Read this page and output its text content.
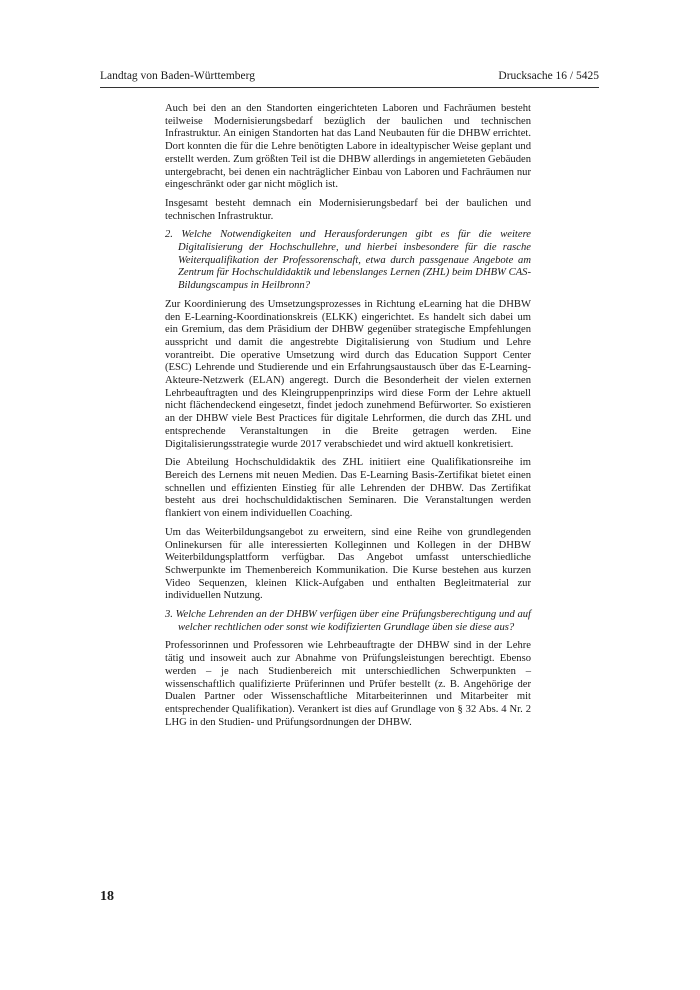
Landtag von Baden-Württemberg	Drucksache 16 / 5425

Auch bei den an den Standorten eingerichteten Laboren und Fachräumen besteht teilweise Modernisierungsbedarf bezüglich der baulichen und technischen Infrastruktur. An einigen Standorten hat das Land Neubauten für die DHBW errichtet. Dort konnten die für die Lehre benötigten Labore in idealtypischer Weise geplant und erstellt werden. Zum größten Teil ist die DHBW allerdings in angemieteten Gebäuden untergebracht, bei denen ein nachträglicher Einbau von Laboren und Fachräumen nur eingeschränkt oder gar nicht möglich ist.

Insgesamt besteht demnach ein Modernisierungsbedarf bei der baulichen und technischen Infrastruktur.

2. Welche Notwendigkeiten und Herausforderungen gibt es für die weitere Digitalisierung der Hochschullehre, und hierbei insbesondere für die rasche Weiterqualifikation der Professorenschaft, etwa durch passgenaue Angebote am Zentrum für Hochschuldidaktik und lebenslanges Lernen (ZHL) beim DHBW CAS-Bildungscampus in Heilbronn?

Zur Koordinierung des Umsetzungsprozesses in Richtung eLearning hat die DHBW den E-Learning-Koordinationskreis (ELKK) eingerichtet. Es handelt sich dabei um ein Gremium, das dem Präsidium der DHBW gegenüber strategische Empfehlungen ausspricht und damit die angestrebte Digitalisierung von Studium und Lehre vorantreibt. Die operative Umsetzung wird durch das Education Support Center (ESC) Lehrende und Studierende und ein Erfahrungsaustausch über das E-Learning-Akteure-Netzwerk (ELAN) angeregt. Durch die Besonderheit der vielen externen Lehrbeauftragten und des Kleingruppenprinzips wird diese Form der Lehre aktuell nicht flächendeckend eingesetzt, findet jedoch zunehmend Befürworter. So existieren an der DHBW viele Best Practices für digitale Lehrformen, die durch das ZHL und entsprechende Veranstaltungen in die Breite getragen werden. Eine Digitalisierungsstrategie wurde 2017 verabschiedet und wird aktuell konkretisiert.

Die Abteilung Hochschuldidaktik des ZHL initiiert eine Qualifikationsreihe im Bereich des Lernens mit neuen Medien. Das E-Learning Basis-Zertifikat bietet einen schnellen und effizienten Einstieg für alle Lehrenden der DHBW. Das Zertifikat besteht aus drei hochschuldidaktischen Seminaren. Die Veranstaltungen werden flankiert von einem individuellen Coaching.

Um das Weiterbildungsangebot zu erweitern, sind eine Reihe von grundlegenden Onlinekursen für alle interessierten Kolleginnen und Kollegen in der DHBW Weiterbildungsplattform verfügbar. Das Angebot umfasst unterschiedliche Schwerpunkte im Themenbereich Kommunikation. Die Kurse bestehen aus kurzen Video Sequenzen, kleinen Klick-Aufgaben und enthalten Begleitmaterial zur individuellen Nutzung.

3. Welche Lehrenden an der DHBW verfügen über eine Prüfungsberechtigung und auf welcher rechtlichen oder sonst wie kodifizierten Grundlage üben sie diese aus?

Professorinnen und Professoren wie Lehrbeauftragte der DHBW sind in der Lehre tätig und insoweit auch zur Abnahme von Prüfungsleistungen berechtigt. Ebenso werden – je nach Studienbereich mit unterschiedlichen Schwerpunkten – wissenschaftlich qualifizierte Prüferinnen und Prüfer bestellt (z. B. Angehörige der Dualen Partner oder Wissenschaftliche Mitarbeiterinnen und Mitarbeiter mit entsprechender Qualifikation). Verankert ist dies auf Grundlage von § 32 Abs. 4 Nr. 2 LHG in den Studien- und Prüfungsordnungen der DHBW.

18
